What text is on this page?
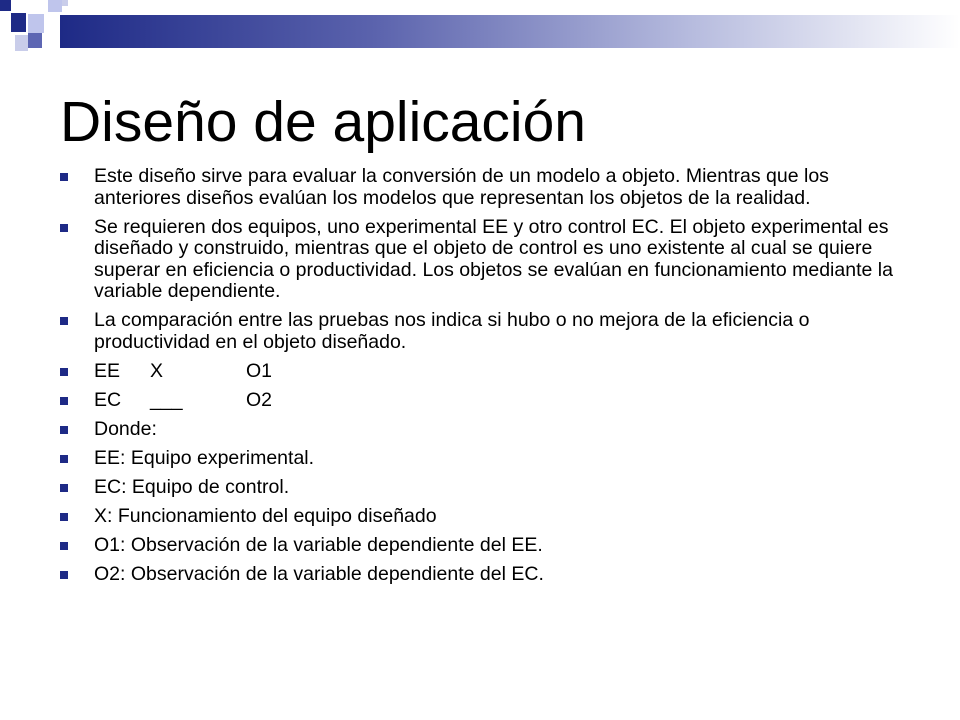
Diseño de aplicación
Este diseño sirve para evaluar la conversión de un modelo a objeto. Mientras que los anteriores diseños evalúan los modelos que representan los objetos de la realidad.
Se requieren dos equipos, uno experimental EE y otro control EC. El objeto experimental es diseñado y construido, mientras que el objeto de control es uno existente al cual se quiere superar en eficiencia o productividad. Los objetos se evalúan en funcionamiento mediante la variable dependiente.
La comparación entre las pruebas nos indica si hubo o no mejora de la eficiencia o productividad en el objeto diseñado.
EE X	O1
EC ___	O2
Donde:
EE: Equipo experimental.
EC: Equipo de control.
X: Funcionamiento del equipo diseñado
O1: Observación de la variable dependiente del EE.
O2: Observación de la variable dependiente del EC.
